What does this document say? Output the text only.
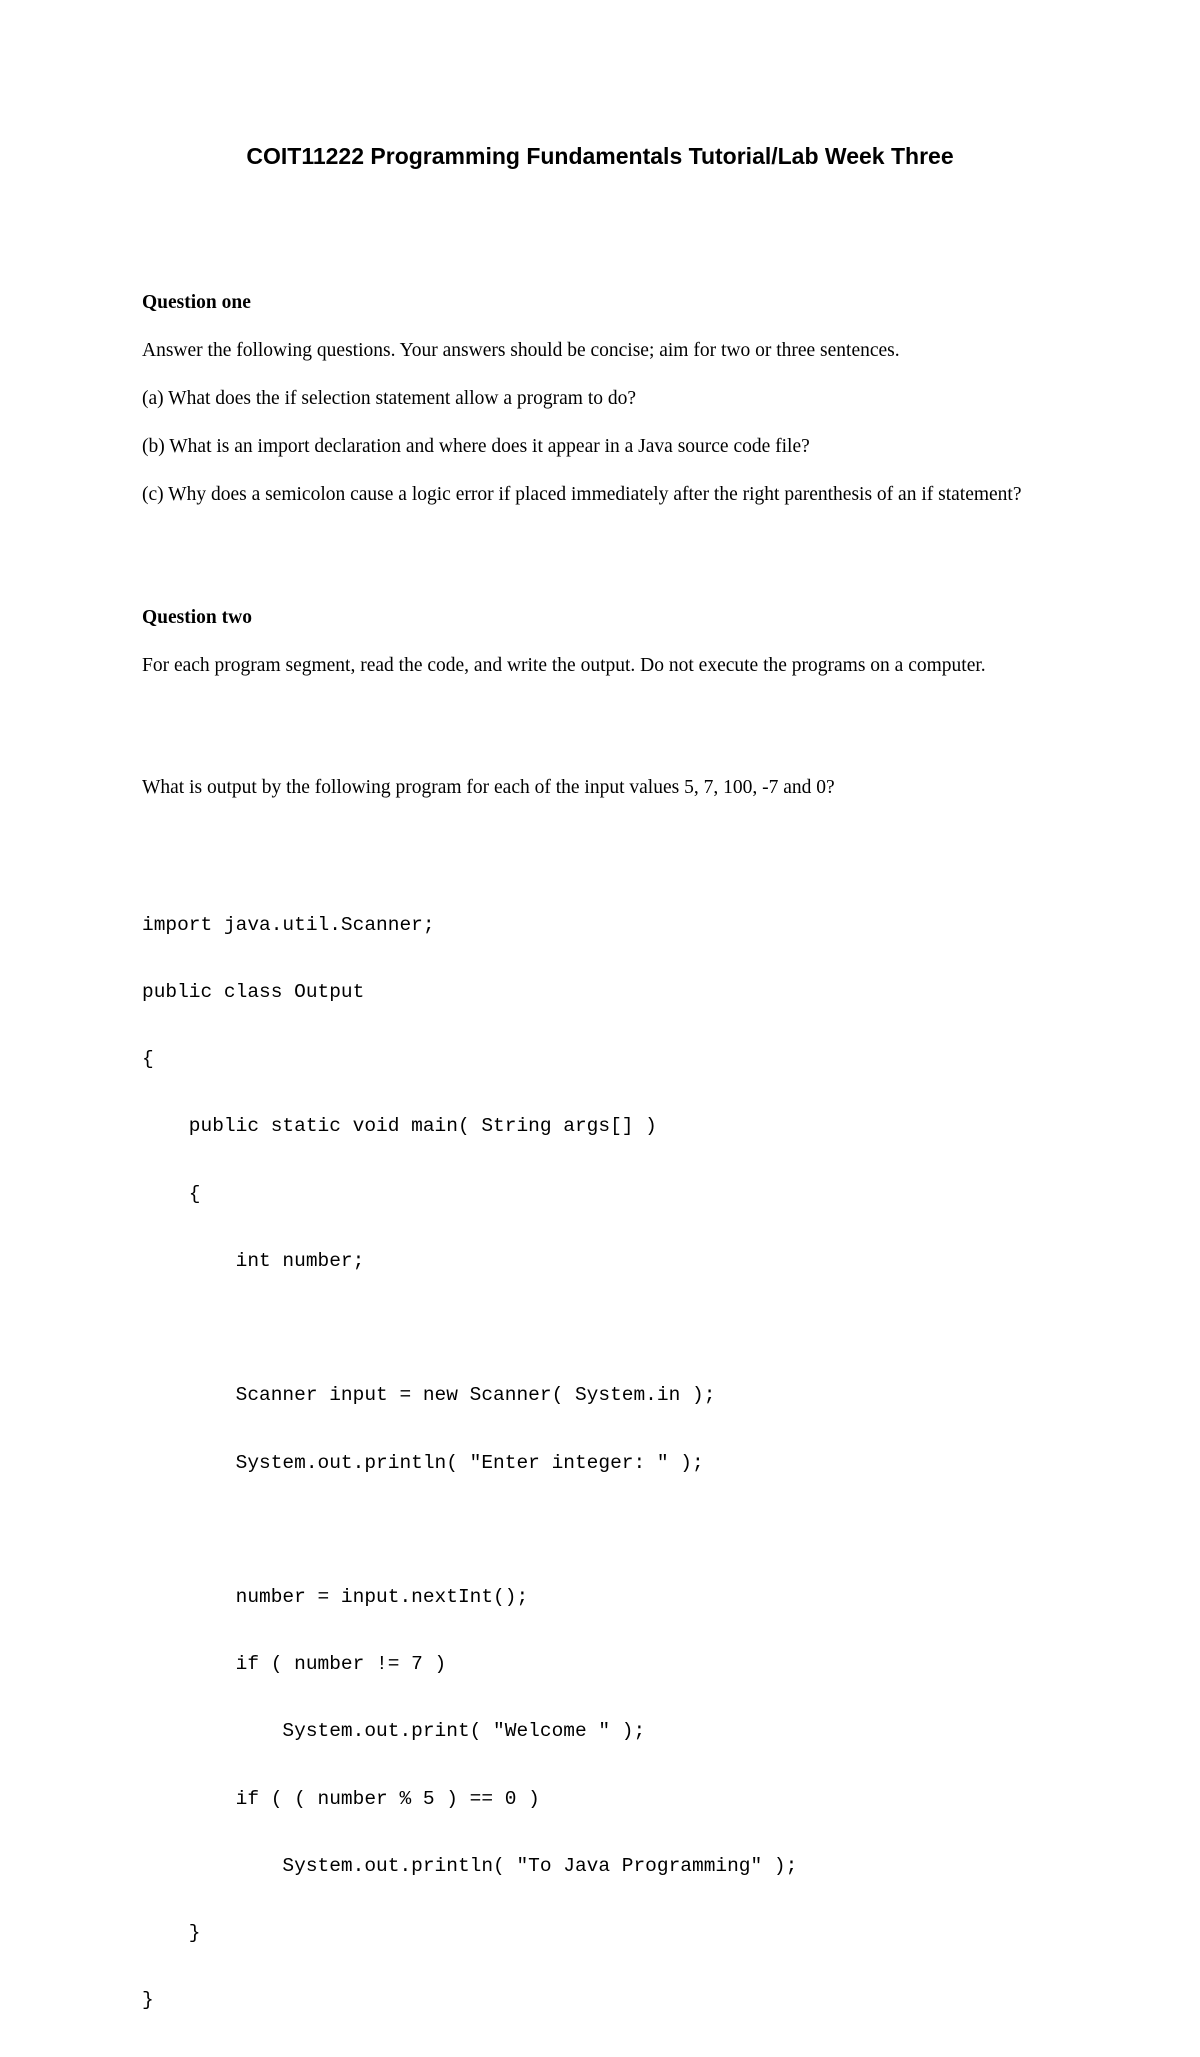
COIT11222 Programming Fundamentals Tutorial/Lab Week Three

Question one

Answer the following questions. Your answers should be concise; aim for two or three sentences.

(a) What does the if selection statement allow a program to do?

(b) What is an import declaration and where does it appear in a Java source code file?

(c) Why does a semicolon cause a logic error if placed immediately after the right parenthesis of an if statement?

Question two

For each program segment, read the code, and write the output. Do not execute the programs on a computer.

What is output by the following program for each of the input values 5, 7, 100, -7 and 0?

import java.util.Scanner;

public class Output

{

public static void main( String args[] )

{

int number;

Scanner input = new Scanner( System.in );

System.out.println( "Enter integer: " );

number = input.nextInt();

if ( number != 7 )

System.out.print( "Welcome " );

if ( ( number % 5 ) == 0 )

System.out.println( "To Java Programming" );

}

}
